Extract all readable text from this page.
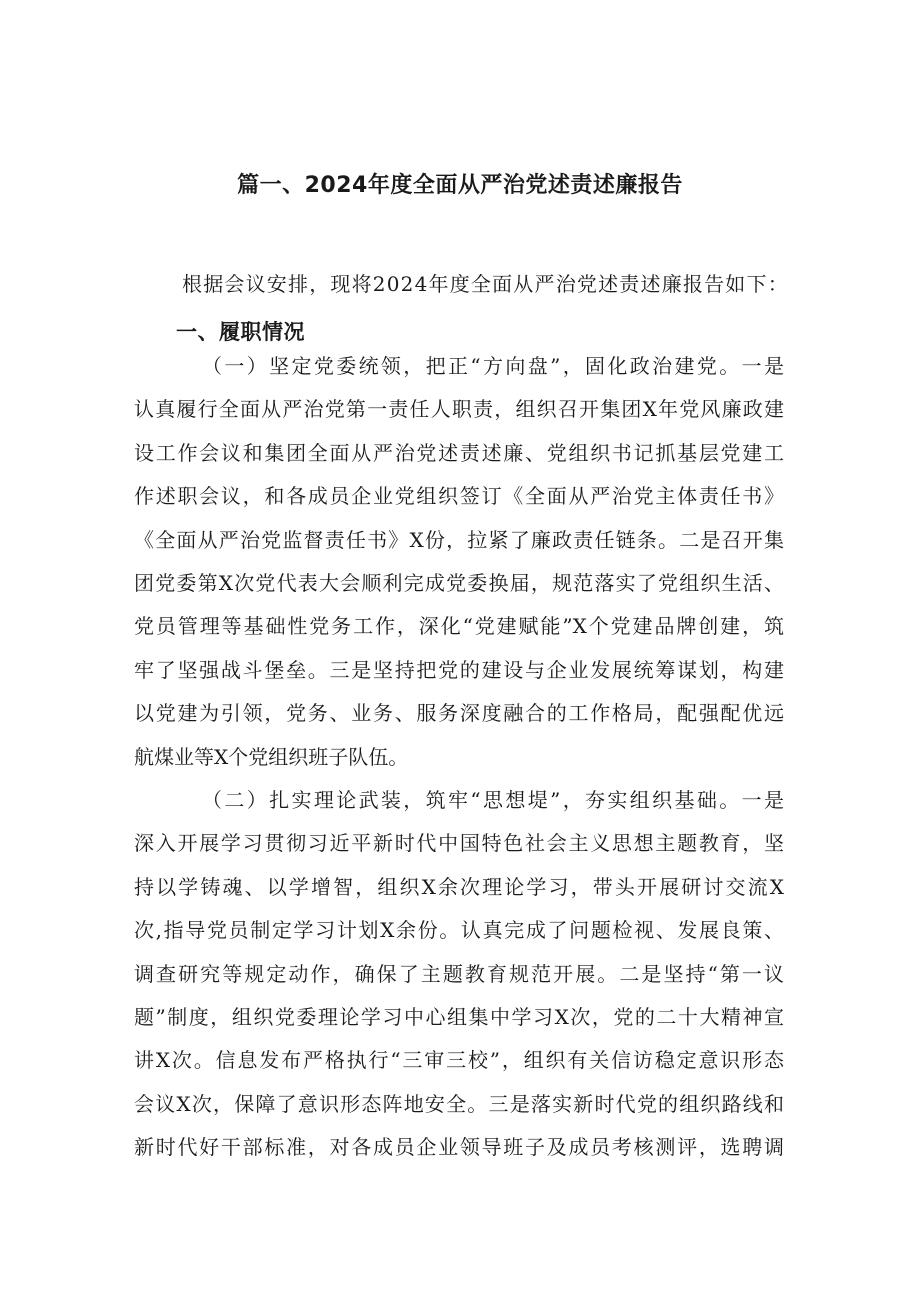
篇一、2024年度全面从严治党述责述廉报告

根据会议安排，现将2024年度全面从严治党述责述廉报告如下：

一、履职情况
（一）坚定党委统领，把正“方向盘”，固化政治建党。一是
认真履行全面从严治党第一责任人职责，组织召开集团X年党风廉政建
设工作会议和集团全面从严治党述责述廉、党组织书记抓基层党建工
作述职会议，和各成员企业党组织签订《全面从严治党主体责任书》
《全面从严治党监督责任书》X份，拉紧了廉政责任链条。二是召开集
团党委第X次党代表大会顺利完成党委换届，规范落实了党组织生活、
党员管理等基础性党务工作，深化“党建赋能”X个党建品牌创建，筑
牢了坚强战斗堡垒。三是坚持把党的建设与企业发展统筹谋划，构建
以党建为引领，党务、业务、服务深度融合的工作格局，配强配优远
航煤业等X个党组织班子队伍。
（二）扎实理论武装，筑牢“思想堤”，夯实组织基础。一是
深入开展学习贯彻习近平新时代中国特色社会主义思想主题教育，坚
持以学铸魂、以学增智，组织X余次理论学习，带头开展研讨交流X
次,指导党员制定学习计划X余份。认真完成了问题检视、发展良策、
调查研究等规定动作，确保了主题教育规范开展。二是坚持“第一议
题”制度，组织党委理论学习中心组集中学习X次，党的二十大精神宣
讲X次。信息发布严格执行“三审三校”，组织有关信访稳定意识形态
会议X次，保障了意识形态阵地安全。三是落实新时代党的组织路线和
新时代好干部标准，对各成员企业领导班子及成员考核测评，选聘调
